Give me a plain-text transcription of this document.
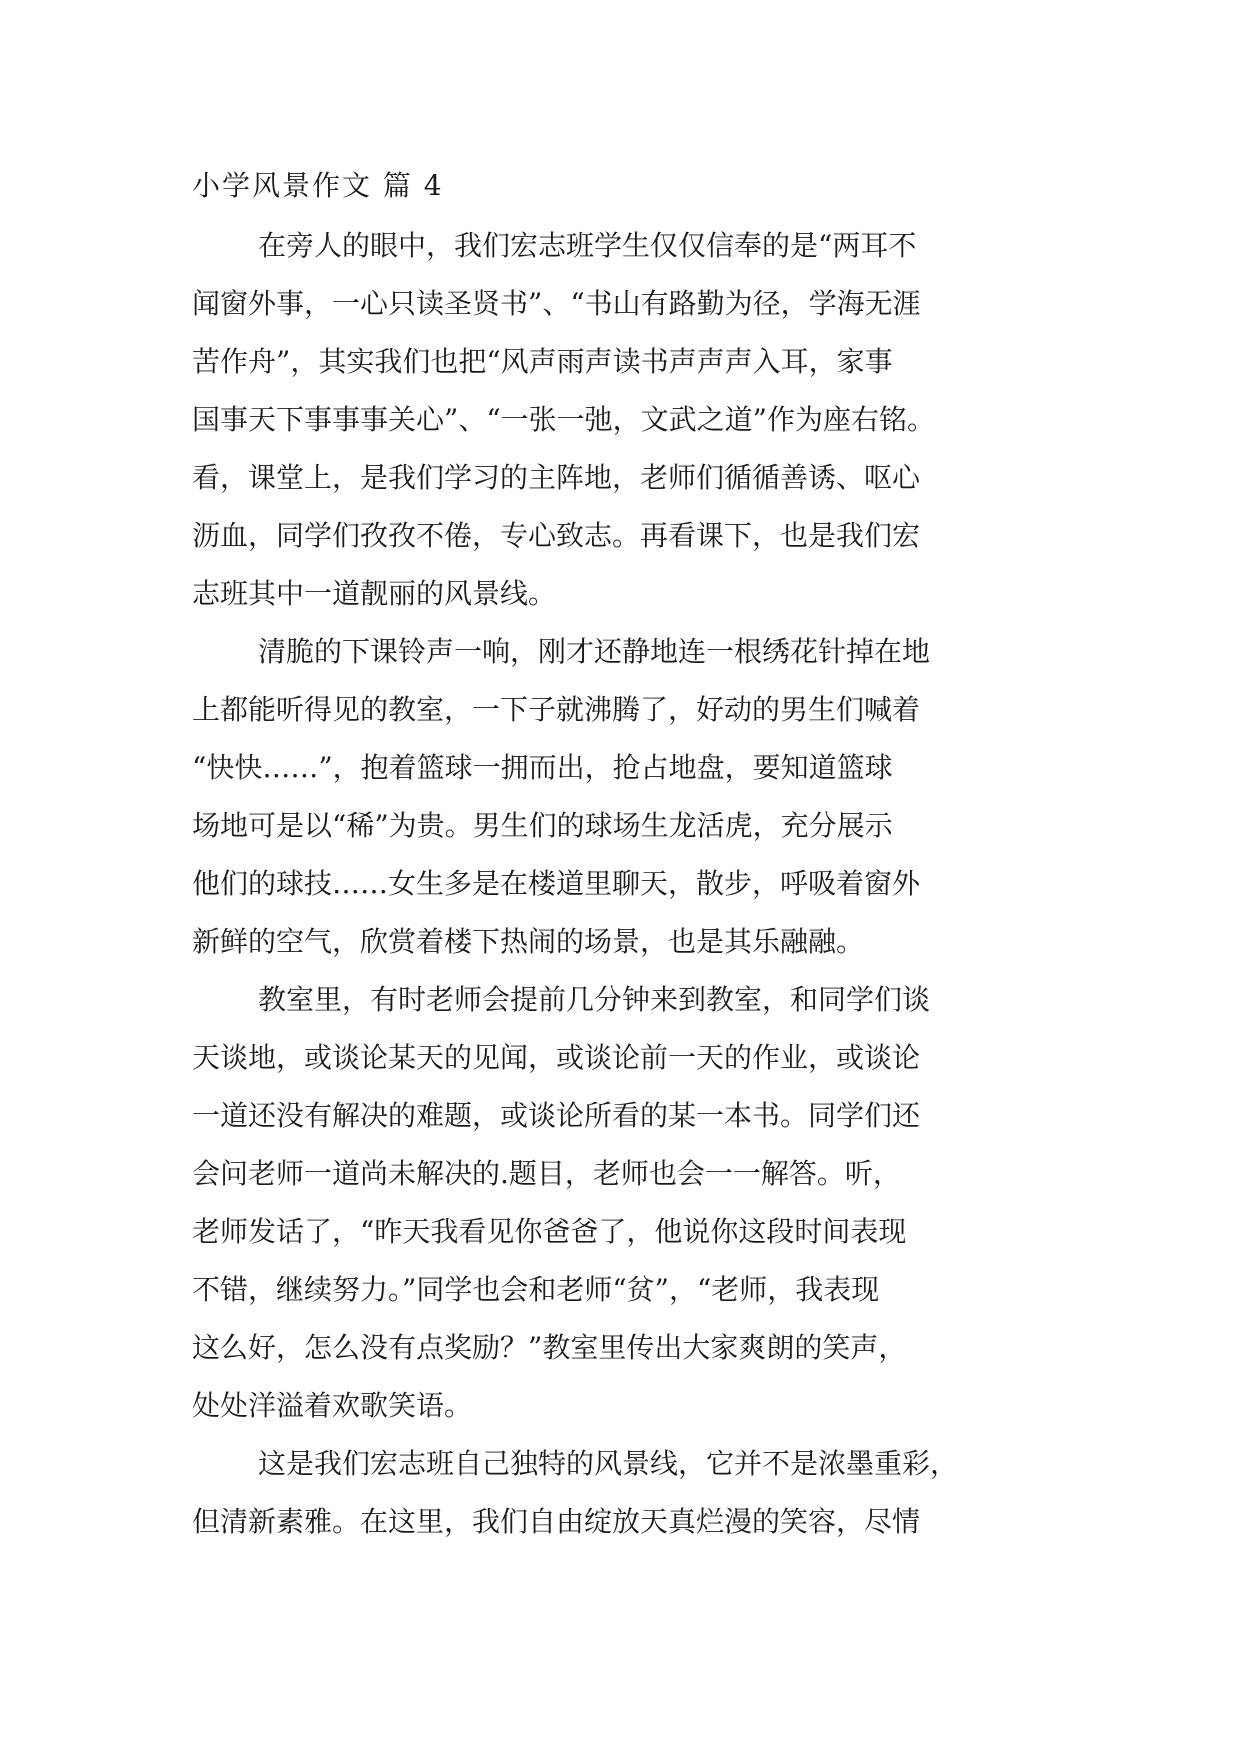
小学风景作文 篇 4
在旁人的眼中，我们宏志班学生仅仅信奉的是“两耳不
闻窗外事，一心只读圣贤书”、“书山有路勤为径，学海无涯
苦作舟”，其实我们也把“风声雨声读书声声声入耳，家事
国事天下事事事关心”、“一张一弛，文武之道”作为座右铭。
看，课堂上，是我们学习的主阵地，老师们循循善诱、呕心
沥血，同学们孜孜不倦，专心致志。再看课下，也是我们宏
志班其中一道靓丽的风景线。
清脆的下课铃声一响，刚才还静地连一根绣花针掉在地
上都能听得见的教室，一下子就沸腾了，好动的男生们喊着
“快快……”，抱着篮球一拥而出，抢占地盘，要知道篮球
场地可是以“稀”为贵。男生们的球场生龙活虎，充分展示
他们的球技……女生多是在楼道里聊天，散步，呼吸着窗外
新鲜的空气，欣赏着楼下热闹的场景，也是其乐融融。
教室里，有时老师会提前几分钟来到教室，和同学们谈
天谈地，或谈论某天的见闻，或谈论前一天的作业，或谈论
一道还没有解决的难题，或谈论所看的某一本书。同学们还
会问老师一道尚未解决的.题目，老师也会一一解答。听，
老师发话了，“昨天我看见你爸爸了，他说你这段时间表现
不错，继续努力。”同学也会和老师“贫”，“老师，我表现
这么好，怎么没有点奖励？”教室里传出大家爽朗的笑声，
处处洋溢着欢歌笑语。
这是我们宏志班自己独特的风景线，它并不是浓墨重彩，
但清新素雅。在这里，我们自由绽放天真烂漫的笑容，尽情
